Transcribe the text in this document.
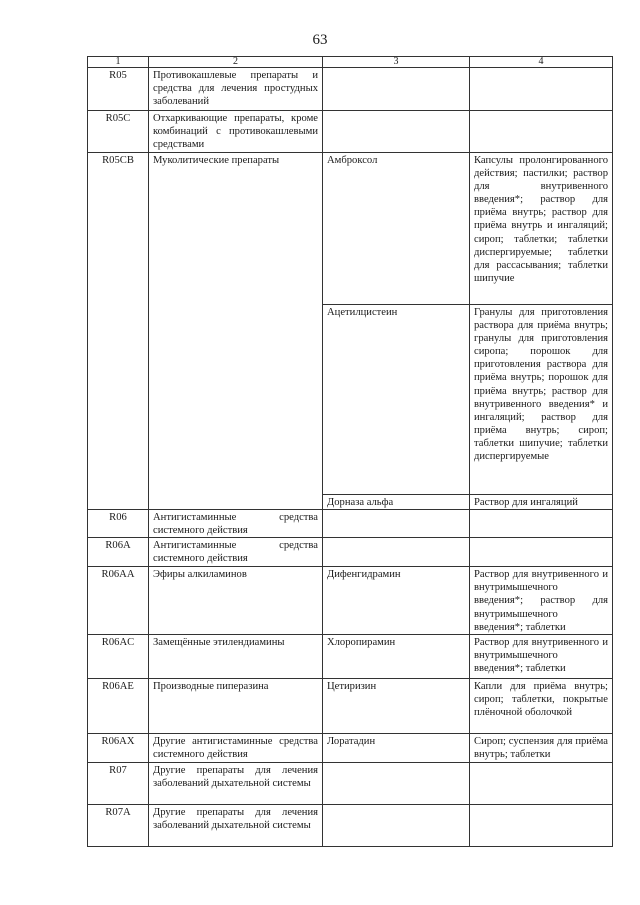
63
1	2	3	4
R05	Противокашлевые препараты и средства для лечения простудных заболеваний		
R05C	Отхаркивающие препараты, кроме комбинаций с противокашлевыми средствами		
R05CB	Муколитические препараты	Амброксол	Капсулы пролонгированного действия; пастилки; раствор для внутривенного введения*; раствор для приёма внутрь; раствор для приёма внутрь и ингаляций; сироп; таблетки; таблетки диспергируемые; таблетки для рассасывания; таблетки шипучие
		Ацетилцистеин	Гранулы для приготовления раствора для приёма внутрь; гранулы для приготовления сиропа; порошок для приготовления раствора для приёма внутрь; порошок для приёма внутрь; раствор для внутривенного введения* и ингаляций; раствор для приёма внутрь; сироп; таблетки шипучие; таблетки диспергируемые
		Дорназа альфа	Раствор для ингаляций
R06	Антигистаминные средства системного действия		
R06A	Антигистаминные средства системного действия		
R06AA	Эфиры алкиламинов	Дифенгидрамин	Раствор для внутривенного и внутримышечного введения*; раствор для внутримышечного введения*; таблетки
R06AC	Замещённые этилендиамины	Хлоропирамин	Раствор для внутривенного и внутримышечного введения*; таблетки
R06AE	Производные пиперазина	Цетиризин	Капли для приёма внутрь; сироп; таблетки, покрытые плёночной оболочкой
R06AX	Другие антигистаминные средства системного действия	Лоратадин	Сироп; суспензия для приёма внутрь; таблетки
R07	Другие препараты для лечения заболеваний дыхательной системы		
R07A	Другие препараты для лечения заболеваний дыхательной системы		
